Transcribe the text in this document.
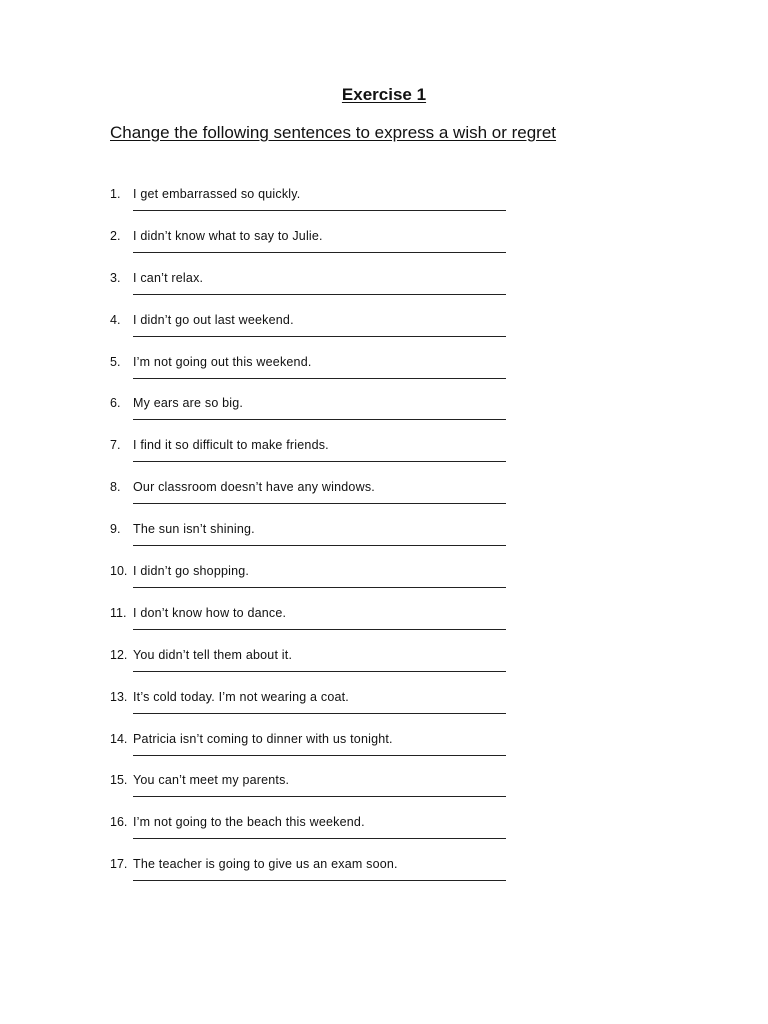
Exercise 1
Change the following sentences to express a wish or regret
1. I get embarrassed so quickly.
2. I didn’t know what to say to Julie.
3. I can’t relax.
4. I didn’t go out last weekend.
5. I’m not going out this weekend.
6. My ears are so big.
7. I find it so difficult to make friends.
8. Our classroom doesn’t have any windows.
9. The sun isn’t shining.
10. I didn’t go shopping.
11. I don’t know how to dance.
12. You didn’t tell them about it.
13. It’s cold today. I’m not wearing a coat.
14. Patricia isn’t coming to dinner with us tonight.
15. You can’t meet my parents.
16. I’m not going to the beach this weekend.
17. The teacher is going to give us an exam soon.
